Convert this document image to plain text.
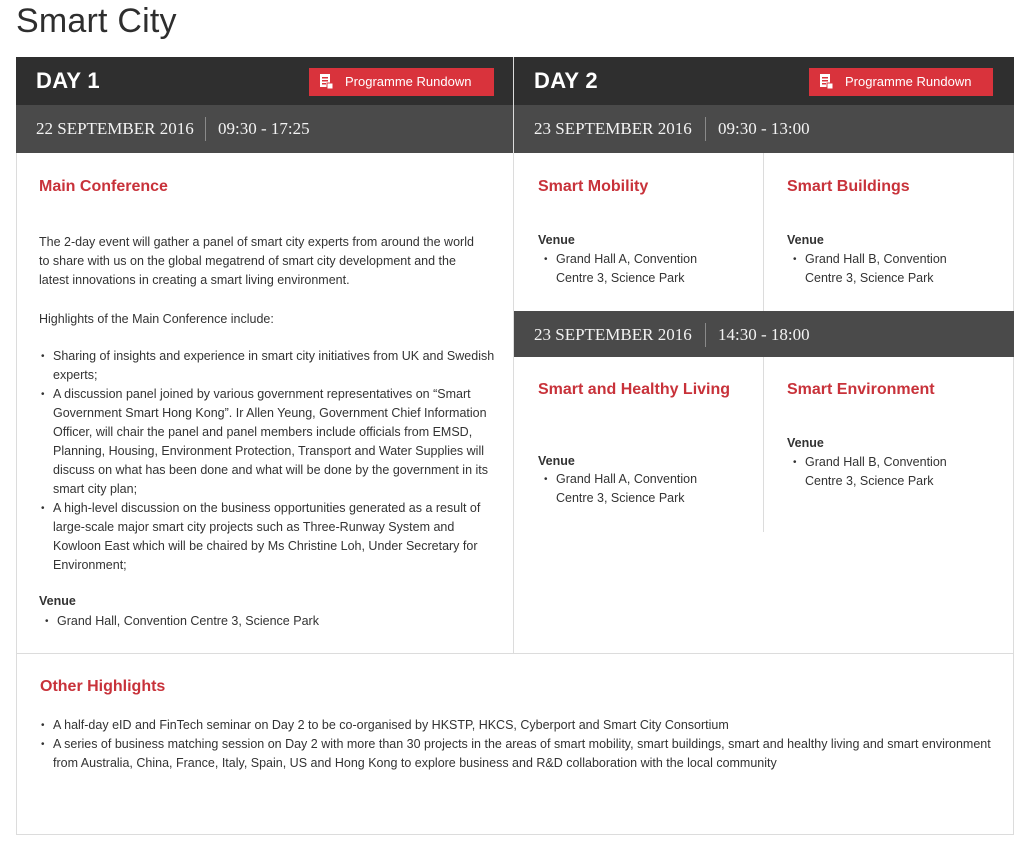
Smart City
DAY 1	Programme Rundown
22 SEPTEMBER 2016 09:30 - 17:25
Main Conference
The 2-day event will gather a panel of smart city experts from around the world to share with us on the global megatrend of smart city development and the latest innovations in creating a smart living environment.
Highlights of the Main Conference include:
• Sharing of insights and experience in smart city initiatives from UK and Swedish experts;
• A discussion panel joined by various government representatives on “Smart Government Smart Hong Kong”. Ir Allen Yeung, Government Chief Information Officer, will chair the panel and panel members include officials from EMSD, Planning, Housing, Environment Protection, Transport and Water Supplies will discuss on what has been done and what will be done by the government in its smart city plan;
• A high-level discussion on the business opportunities generated as a result of large-scale major smart city projects such as Three-Runway System and Kowloon East which will be chaired by Ms Christine Loh, Under Secretary for Environment;
Venue
• Grand Hall, Convention Centre 3, Science Park
DAY 2	Programme Rundown
23 SEPTEMBER 2016 09:30 - 13:00
Smart Mobility
Venue
• Grand Hall A, Convention Centre 3, Science Park
Smart Buildings
Venue
• Grand Hall B, Convention Centre 3, Science Park
23 SEPTEMBER 2016 14:30 - 18:00
Smart and Healthy Living
Venue
• Grand Hall A, Convention Centre 3, Science Park
Smart Environment
Venue
• Grand Hall B, Convention Centre 3, Science Park
Other Highlights
• A half-day eID and FinTech seminar on Day 2 to be co-organised by HKSTP, HKCS, Cyberport and Smart City Consortium
• A series of business matching session on Day 2 with more than 30 projects in the areas of smart mobility, smart buildings, smart and healthy living and smart environment from Australia, China, France, Italy, Spain, US and Hong Kong to explore business and R&D collaboration with the local community
